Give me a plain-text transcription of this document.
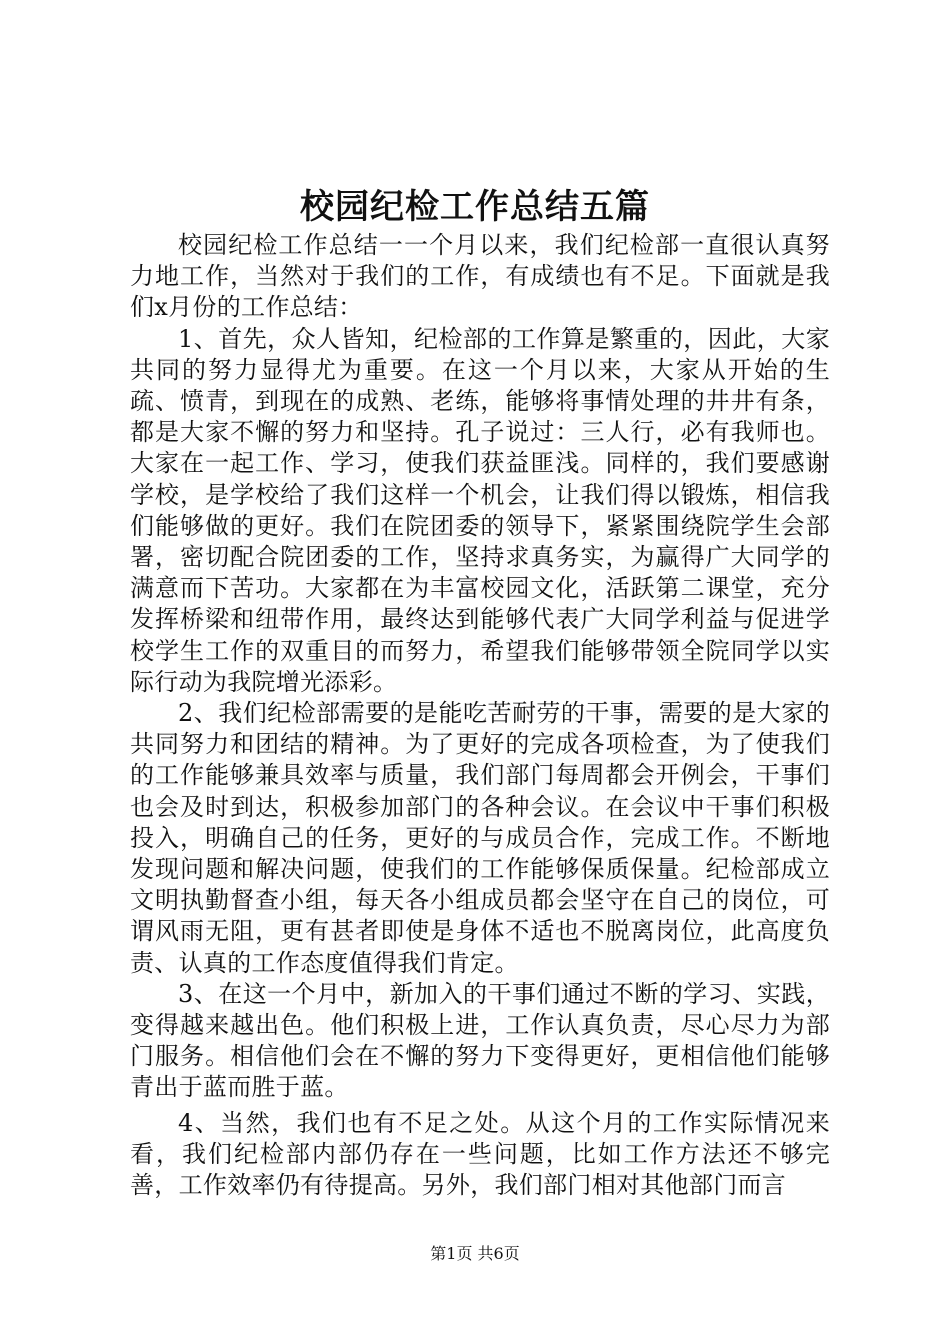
校园纪检工作总结五篇

校园纪检工作总结一一个月以来，我们纪检部一直很认真努力地工作，当然对于我们的工作，有成绩也有不足。下面就是我们x月份的工作总结：

1、首先，众人皆知，纪检部的工作算是繁重的，因此，大家共同的努力显得尤为重要。在这一个月以来，大家从开始的生疏、愤青，到现在的成熟、老练，能够将事情处理的井井有条，都是大家不懈的努力和坚持。孔子说过：三人行，必有我师也。大家在一起工作、学习，使我们获益匪浅。同样的，我们要感谢学校，是学校给了我们这样一个机会，让我们得以锻炼，相信我们能够做的更好。我们在院团委的领导下，紧紧围绕院学生会部署，密切配合院团委的工作，坚持求真务实，为赢得广大同学的满意而下苦功。大家都在为丰富校园文化，活跃第二课堂，充分发挥桥梁和纽带作用，最终达到能够代表广大同学利益与促进学校学生工作的双重目的而努力，希望我们能够带领全院同学以实际行动为我院增光添彩。

2、我们纪检部需要的是能吃苦耐劳的干事，需要的是大家的共同努力和团结的精神。为了更好的完成各项检查，为了使我们的工作能够兼具效率与质量，我们部门每周都会开例会，干事们也会及时到达，积极参加部门的各种会议。在会议中干事们积极投入，明确自己的任务，更好的与成员合作，完成工作。不断地发现问题和解决问题，使我们的工作能够保质保量。纪检部成立文明执勤督查小组，每天各小组成员都会坚守在自己的岗位，可谓风雨无阻，更有甚者即使是身体不适也不脱离岗位，此高度负责、认真的工作态度值得我们肯定。

3、在这一个月中，新加入的干事们通过不断的学习、实践，变得越来越出色。他们积极上进，工作认真负责，尽心尽力为部门服务。相信他们会在不懈的努力下变得更好，更相信他们能够青出于蓝而胜于蓝。

4、当然，我们也有不足之处。从这个月的工作实际情况来看，我们纪检部内部仍存在一些问题，比如工作方法还不够完善，工作效率仍有待提高。另外，我们部门相对其他部门而言

第1页 共6页
